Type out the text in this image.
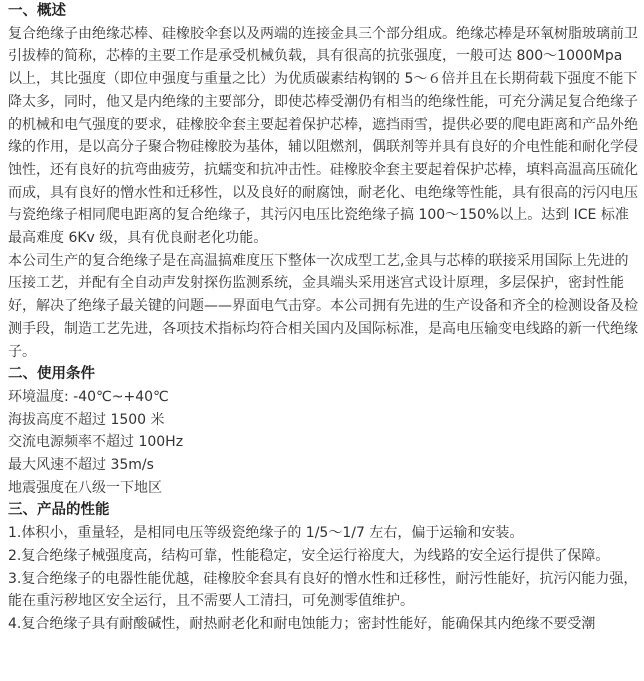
一、概述

复合绝缘子由绝缘芯棒、硅橡胶伞套以及两端的连接金具三个部分组成。绝缘芯棒是环氧树脂玻璃前卫引拔棒的简称，芯棒的主要工作是承受机械负载，具有很高的抗张强度，一般可达 800～1000Mpa 以上，其比强度（即位申强度与重量之比）为优质碳素结构钢的 5～６倍并且在长期荷载下强度不能下降太多，同时，他又是内绝缘的主要部分，即使芯棒受潮仍有相当的绝缘性能，可充分满足复合绝缘子的机械和电气强度的要求，硅橡胶伞套主要起着保护芯棒，遮挡雨雪，提供必要的爬电距离和产品外绝缘的作用，是以高分子聚合物硅橡胶为基体，辅以阻燃剂，偶联剂等并具有良好的介电性能和耐化学侵蚀性，还有良好的抗弯曲疲劳，抗蠕变和抗冲击性。硅橡胶伞套主要起着保护芯棒，填料高温高压硫化而成，具有良好的憎水性和迁移性，以及良好的耐腐蚀，耐老化、电绝缘等性能，具有很高的污闪电压与瓷绝缘子相同爬电距离的复合绝缘子，其污闪电压比瓷绝缘子搞 100～150%以上。达到 ICE 标准最高难度 6Kv 级，具有优良耐老化功能。

本公司生产的复合绝缘子是在高温搞难度压下整体一次成型工艺,金具与芯棒的联接采用国际上先进的压接工艺，并配有全自动声发射探伤监测系统，金具端头采用迷宫式设计原理，多层保护，密封性能好，解决了绝缘子最关键的问题——界面电气击穿。本公司拥有先进的生产设备和齐全的检测设备及检测手段，制造工艺先进，各项技术指标均符合相关国内及国际标准，是高电压输变电线路的新一代绝缘子。

二、使用条件

环境温度: -40℃~+40℃

海拔高度不超过 1500 米

交流电源频率不超过 100Hz

最大风速不超过 35m/s

地震强度在八级一下地区

三、产品的性能

1.体积小，重量轻，是相同电压等级瓷绝缘子的 1/5～1/7 左右，偏于运输和安装。

2.复合绝缘子械强度高，结构可靠，性能稳定，安全运行裕度大，为线路的安全运行提供了保障。

3.复合绝缘子的电器性能优越，硅橡胶伞套具有良好的憎水性和迁移性，耐污性能好，抗污闪能力强，能在重污秽地区安全运行，且不需要人工清扫，可免测零值维护。

4.复合绝缘子具有耐酸碱性，耐热耐老化和耐电蚀能力；密封性能好，能确保其内绝缘不要受潮
